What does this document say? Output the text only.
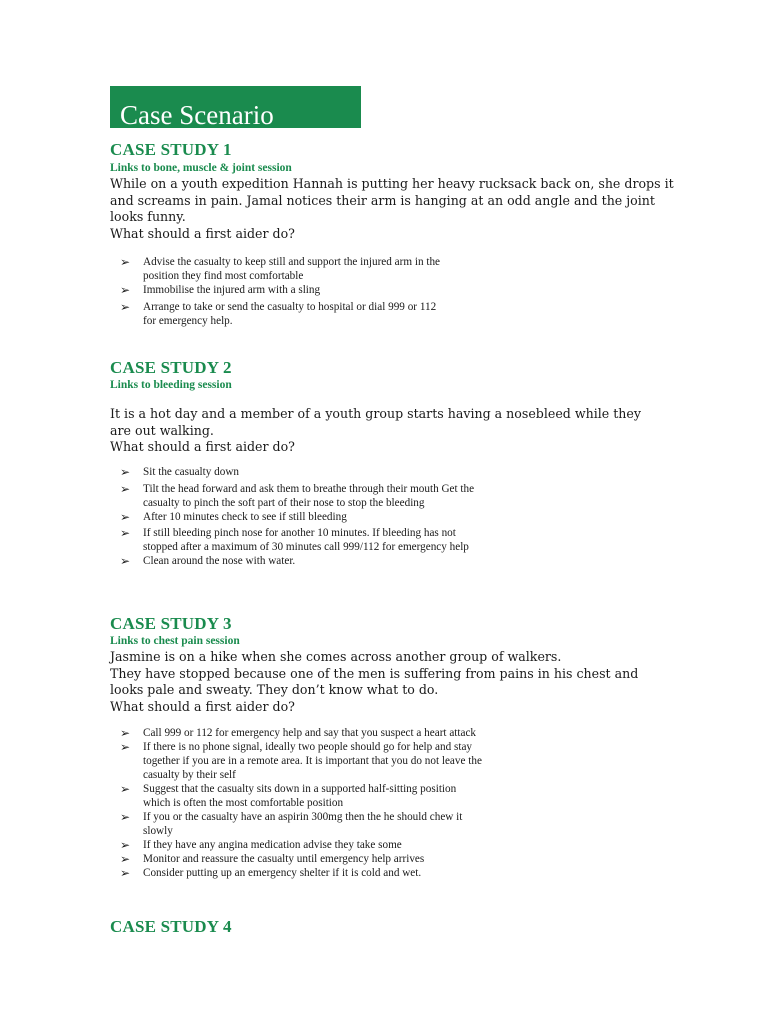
Case Scenario
CASE STUDY 1

Links to bone, muscle & joint session

While on a youth expedition Hannah is putting her heavy rucksack back on, she drops it
and screams in pain. Jamal notices their arm is hanging at an odd angle and the joint
looks funny.
What should a first aider do?
➢ Advise the casualty to keep still and support the injured arm in the
position they find most comfortable
➢ Immobilise the injured arm with a sling
➢ Arrange to take or send the casualty to hospital or dial 999 or 112
for emergency help.
CASE STUDY 2

Links to bleeding session

It is a hot day and a member of a youth group starts having a nosebleed while they
are out walking.
What should a first aider do?
➢ Sit the casualty down
➢ Tilt the head forward and ask them to breathe through their mouth Get the
casualty to pinch the soft part of their nose to stop the bleeding
➢ After 10 minutes check to see if still bleeding
➢ If still bleeding pinch nose for another 10 minutes. If bleeding has not
stopped after a maximum of 30 minutes call 999/112 for emergency help
➢ Clean around the nose with water.
CASE STUDY 3

Links to chest pain session

Jasmine is on a hike when she comes across another group of walkers.
They have stopped because one of the men is suffering from pains in his chest and
looks pale and sweaty. They don’t know what to do.
What should a first aider do?
➢ Call 999 or 112 for emergency help and say that you suspect a heart attack
➢ If there is no phone signal, ideally two people should go for help and stay
together if you are in a remote area. It is important that you do not leave the
casualty by their self
➢ Suggest that the casualty sits down in a supported half-sitting position
which is often the most comfortable position
➢ If you or the casualty have an aspirin 300mg then the he should chew it
slowly
➢ If they have any angina medication advise they take some
➢ Monitor and reassure the casualty until emergency help arrives
➢ Consider putting up an emergency shelter if it is cold and wet.
CASE STUDY 4
